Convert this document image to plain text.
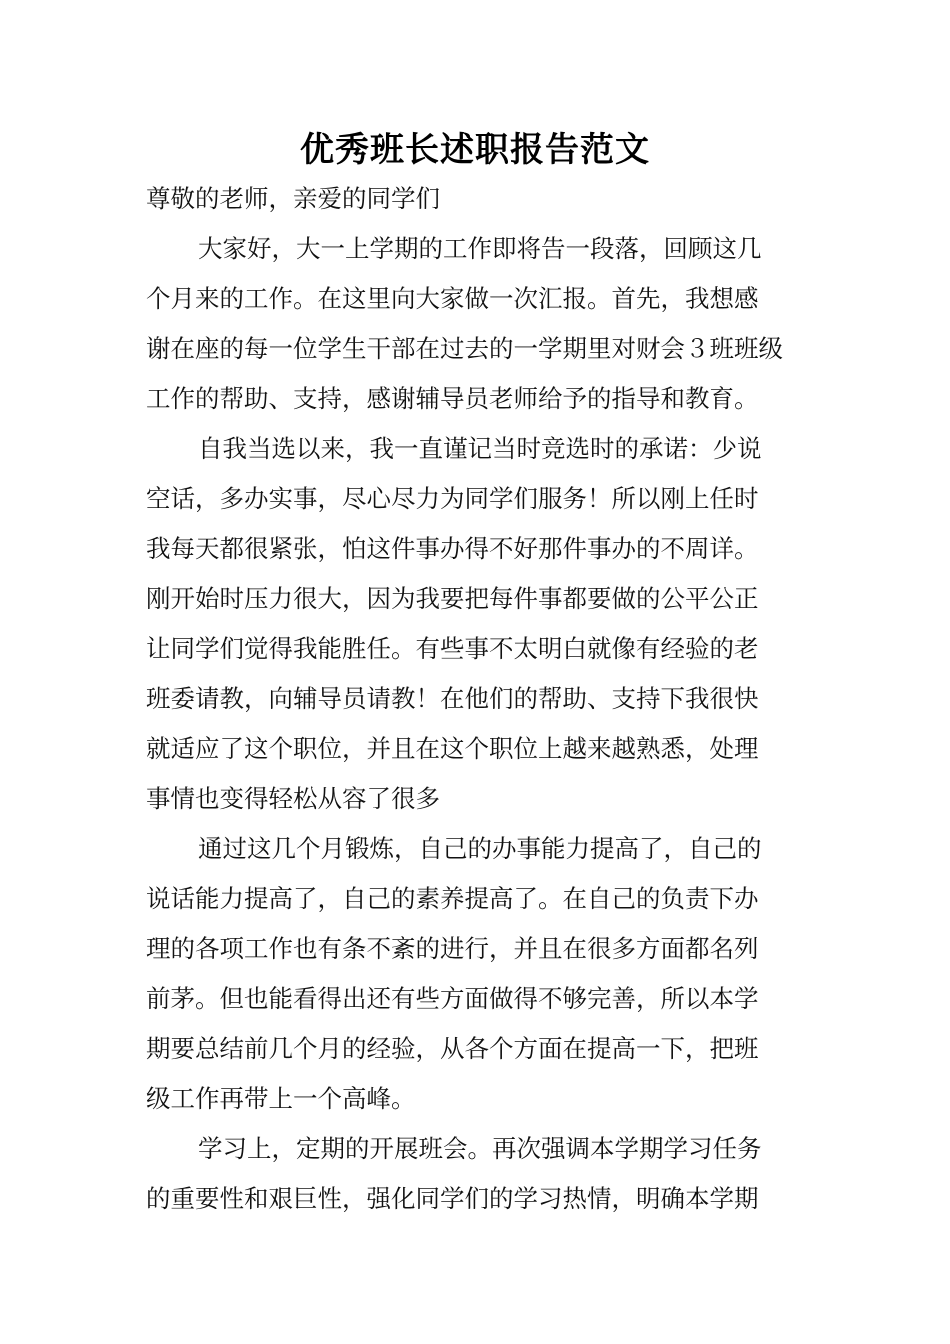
优秀班长述职报告范文
尊敬的老师，亲爱的同学们
大家好，大一上学期的工作即将告一段落，回顾这几
个月来的工作。在这里向大家做一次汇报。首先，我想感
谢在座的每一位学生干部在过去的一学期里对财会３班班级
工作的帮助、支持，感谢辅导员老师给予的指导和教育。
自我当选以来，我一直谨记当时竞选时的承诺：少说
空话，多办实事，尽心尽力为同学们服务！所以刚上任时
我每天都很紧张，怕这件事办得不好那件事办的不周详。
刚开始时压力很大，因为我要把每件事都要做的公平公正
让同学们觉得我能胜任。有些事不太明白就像有经验的老
班委请教，向辅导员请教！在他们的帮助、支持下我很快
就适应了这个职位，并且在这个职位上越来越熟悉，处理
事情也变得轻松从容了很多
通过这几个月锻炼，自己的办事能力提高了，自己的
说话能力提高了，自己的素养提高了。在自己的负责下办
理的各项工作也有条不紊的进行，并且在很多方面都名列
前茅。但也能看得出还有些方面做得不够完善，所以本学
期要总结前几个月的经验，从各个方面在提高一下，把班
级工作再带上一个高峰。
学习上，定期的开展班会。再次强调本学期学习任务
的重要性和艰巨性，强化同学们的学习热情，明确本学期
